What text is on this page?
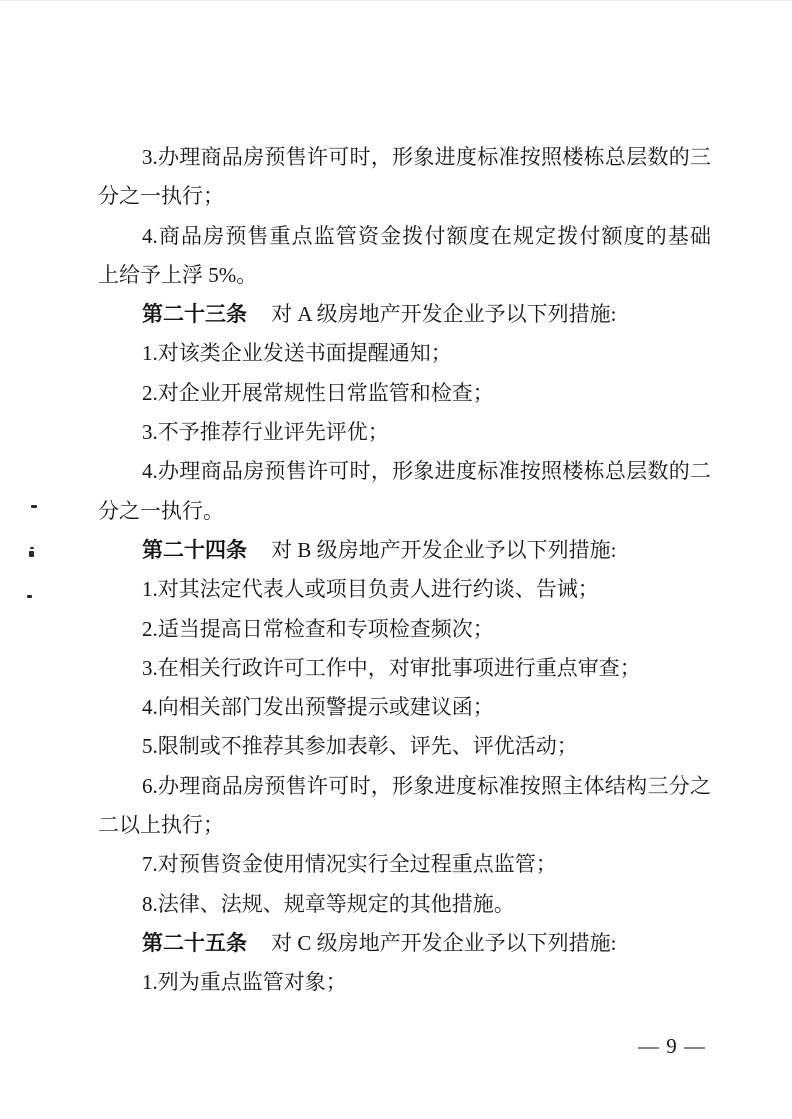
3.办理商品房预售许可时，形象进度标准按照楼栋总层数的三
分之一执行；
4.商品房预售重点监管资金拨付额度在规定拨付额度的基础
上给予上浮 5%。
第二十三条 对 A 级房地产开发企业予以下列措施:
1.对该类企业发送书面提醒通知；
2.对企业开展常规性日常监管和检查；
3.不予推荐行业评先评优；
4.办理商品房预售许可时，形象进度标准按照楼栋总层数的二
分之一执行。
第二十四条 对 B 级房地产开发企业予以下列措施:
1.对其法定代表人或项目负责人进行约谈、告诫；
2.适当提高日常检查和专项检查频次；
3.在相关行政许可工作中，对审批事项进行重点审查；
4.向相关部门发出预警提示或建议函；
5.限制或不推荐其参加表彰、评先、评优活动；
6.办理商品房预售许可时，形象进度标准按照主体结构三分之
二以上执行；
7.对预售资金使用情况实行全过程重点监管；
8.法律、法规、规章等规定的其他措施。
第二十五条 对 C 级房地产开发企业予以下列措施:
1.列为重点监管对象；
— 9 —
